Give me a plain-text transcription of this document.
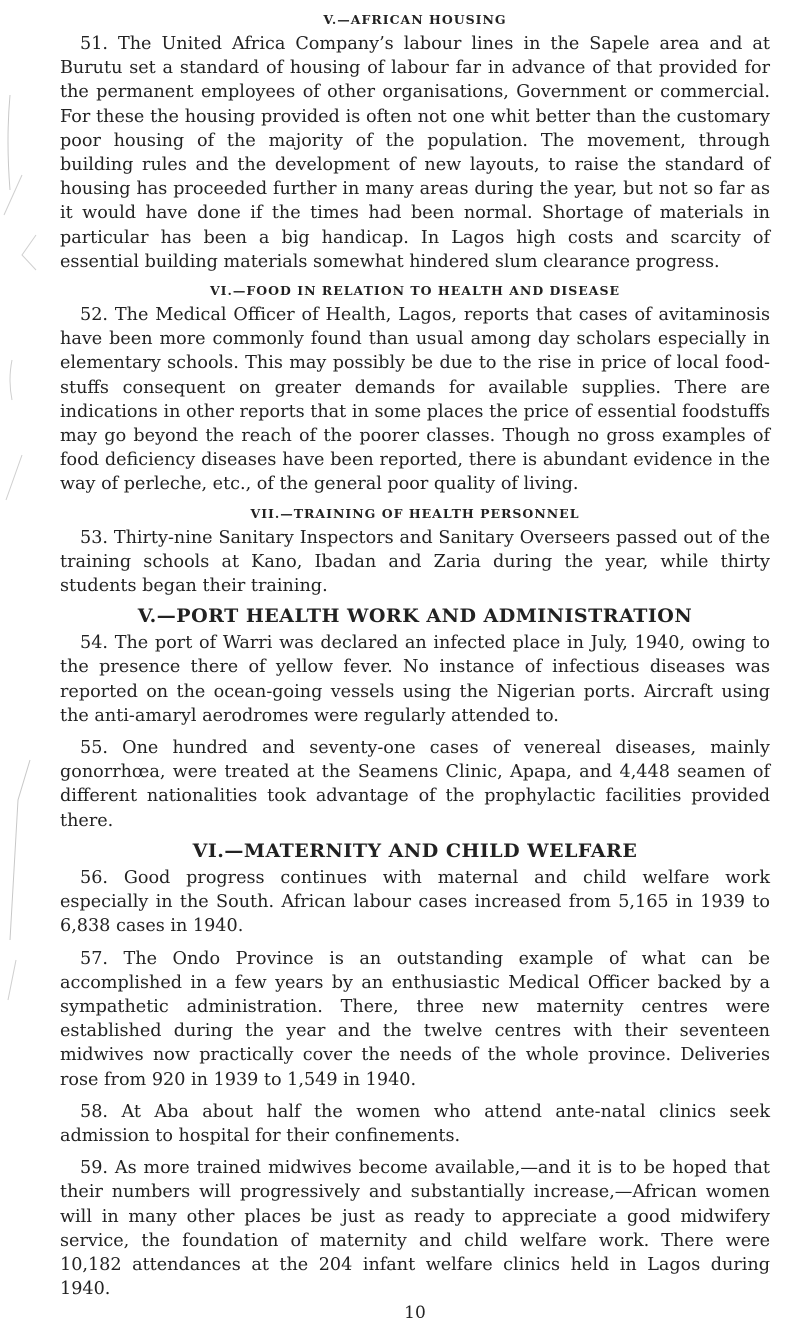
V.—AFRICAN HOUSING

51. The United Africa Company’s labour lines in the Sapele area and at Burutu set a standard of housing of labour far in advance of that provided for the permanent employees of other organisations, Government or commercial. For these the housing provided is often not one whit better than the customary poor housing of the majority of the population. The movement, through building rules and the development of new layouts, to raise the standard of housing has proceeded further in many areas during the year, but not so far as it would have done if the times had been normal. Shortage of materials in particular has been a big handicap. In Lagos high costs and scarcity of essential building materials somewhat hindered slum clearance progress.

VI.—FOOD IN RELATION TO HEALTH AND DISEASE

52. The Medical Officer of Health, Lagos, reports that cases of avitaminosis have been more commonly found than usual among day scholars especially in elementary schools. This may possibly be due to the rise in price of local food-stuffs consequent on greater demands for available supplies. There are indications in other reports that in some places the price of essential foodstuffs may go beyond the reach of the poorer classes. Though no gross examples of food deficiency diseases have been reported, there is abundant evidence in the way of perleche, etc., of the general poor quality of living.

VII.—TRAINING OF HEALTH PERSONNEL

53. Thirty-nine Sanitary Inspectors and Sanitary Overseers passed out of the training schools at Kano, Ibadan and Zaria during the year, while thirty students began their training.

V.—PORT HEALTH WORK AND ADMINISTRATION

54. The port of Warri was declared an infected place in July, 1940, owing to the presence there of yellow fever. No instance of infectious diseases was reported on the ocean-going vessels using the Nigerian ports. Aircraft using the anti-amaryl aerodromes were regularly attended to.

55. One hundred and seventy-one cases of venereal diseases, mainly gonorrhœa, were treated at the Seamens Clinic, Apapa, and 4,448 seamen of different nationalities took advantage of the prophylactic facilities provided there.

VI.—MATERNITY AND CHILD WELFARE

56. Good progress continues with maternal and child welfare work especially in the South. African labour cases increased from 5,165 in 1939 to 6,838 cases in 1940.

57. The Ondo Province is an outstanding example of what can be accomplished in a few years by an enthusiastic Medical Officer backed by a sympathetic administration. There, three new maternity centres were established during the year and the twelve centres with their seventeen midwives now practically cover the needs of the whole province. Deliveries rose from 920 in 1939 to 1,549 in 1940.

58. At Aba about half the women who attend ante-natal clinics seek admission to hospital for their confinements.

59. As more trained midwives become available,—and it is to be hoped that their numbers will progressively and substantially increase,—African women will in many other places be just as ready to appreciate a good midwifery service, the foundation of maternity and child welfare work. There were 10,182 attendances at the 204 infant welfare clinics held in Lagos during 1940.

10
